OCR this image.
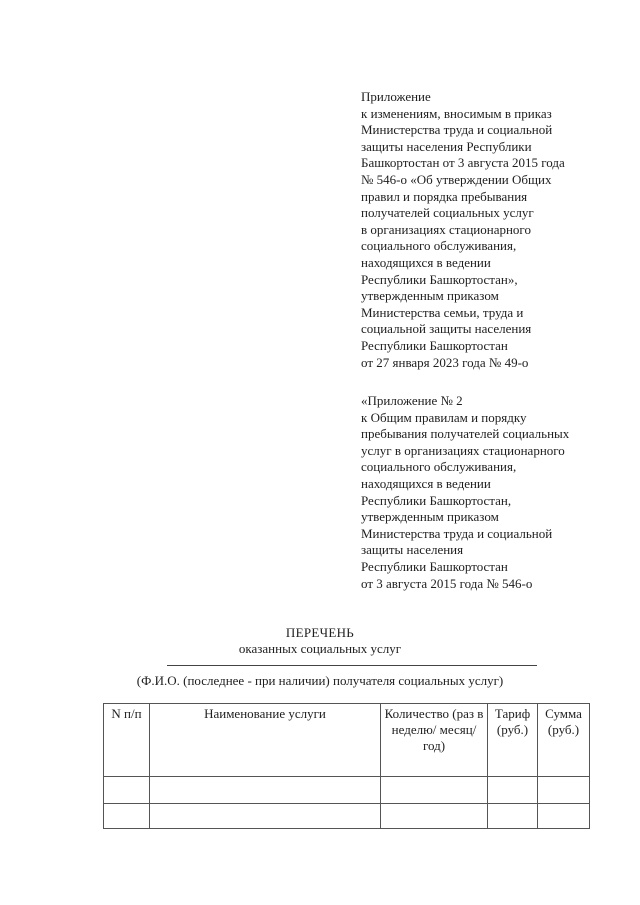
Приложение
к изменениям, вносимым в приказ
Министерства труда и социальной
защиты населения Республики
Башкортостан от 3 августа 2015 года
№ 546-о «Об утверждении Общих
правил и порядка пребывания
получателей социальных услуг
в организациях стационарного
социального обслуживания,
находящихся в ведении
Республики Башкортостан»,
утвержденным приказом
Министерства семьи, труда и
социальной защиты населения
Республики Башкортостан
от 27 января 2023 года № 49-о
«Приложение № 2
к Общим правилам и порядку
пребывания получателей социальных
услуг в организациях стационарного
социального обслуживания,
находящихся в ведении
Республики Башкортостан,
утвержденным приказом
Министерства труда и социальной
защиты населения
Республики Башкортостан
от 3 августа 2015 года № 546-о
ПЕРЕЧЕНЬ
оказанных социальных услуг
(Ф.И.О. (последнее - при наличии) получателя социальных услуг)
N п/п	Наименование услуги	Количество (раз в неделю/ месяц/год)	Тариф (руб.)	Сумма (руб.)
